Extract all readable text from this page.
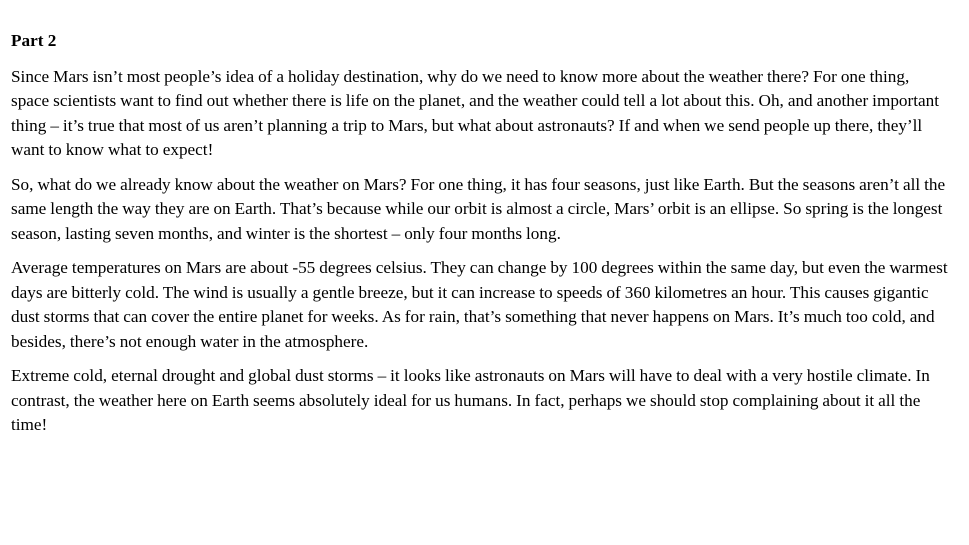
Part 2

Since Mars isn’t most people’s idea of a holiday destination, why do we need to know more about the weather there? For one thing, space scientists want to find out whether there is life on the planet, and the weather could tell a lot about this. Oh, and another important thing – it’s true that most of us aren’t planning a trip to Mars, but what about astronauts? If and when we send people up there, they’ll want to know what to expect!

So, what do we already know about the weather on Mars? For one thing, it has four seasons, just like Earth. But the seasons aren’t all the same length the way they are on Earth. That’s because while our orbit is almost a circle, Mars’ orbit is an ellipse. So spring is the longest season, lasting seven months, and winter is the shortest – only four months long.

Average temperatures on Mars are about -55 degrees celsius. They can change by 100 degrees within the same day, but even the warmest days are bitterly cold. The wind is usually a gentle breeze, but it can increase to speeds of 360 kilometres an hour. This causes gigantic dust storms that can cover the entire planet for weeks. As for rain, that’s something that never happens on Mars. It’s much too cold, and besides, there’s not enough water in the atmosphere.

Extreme cold, eternal drought and global dust storms – it looks like astronauts on Mars will have to deal with a very hostile climate. In contrast, the weather here on Earth seems absolutely ideal for us humans. In fact, perhaps we should stop complaining about it all the time!
